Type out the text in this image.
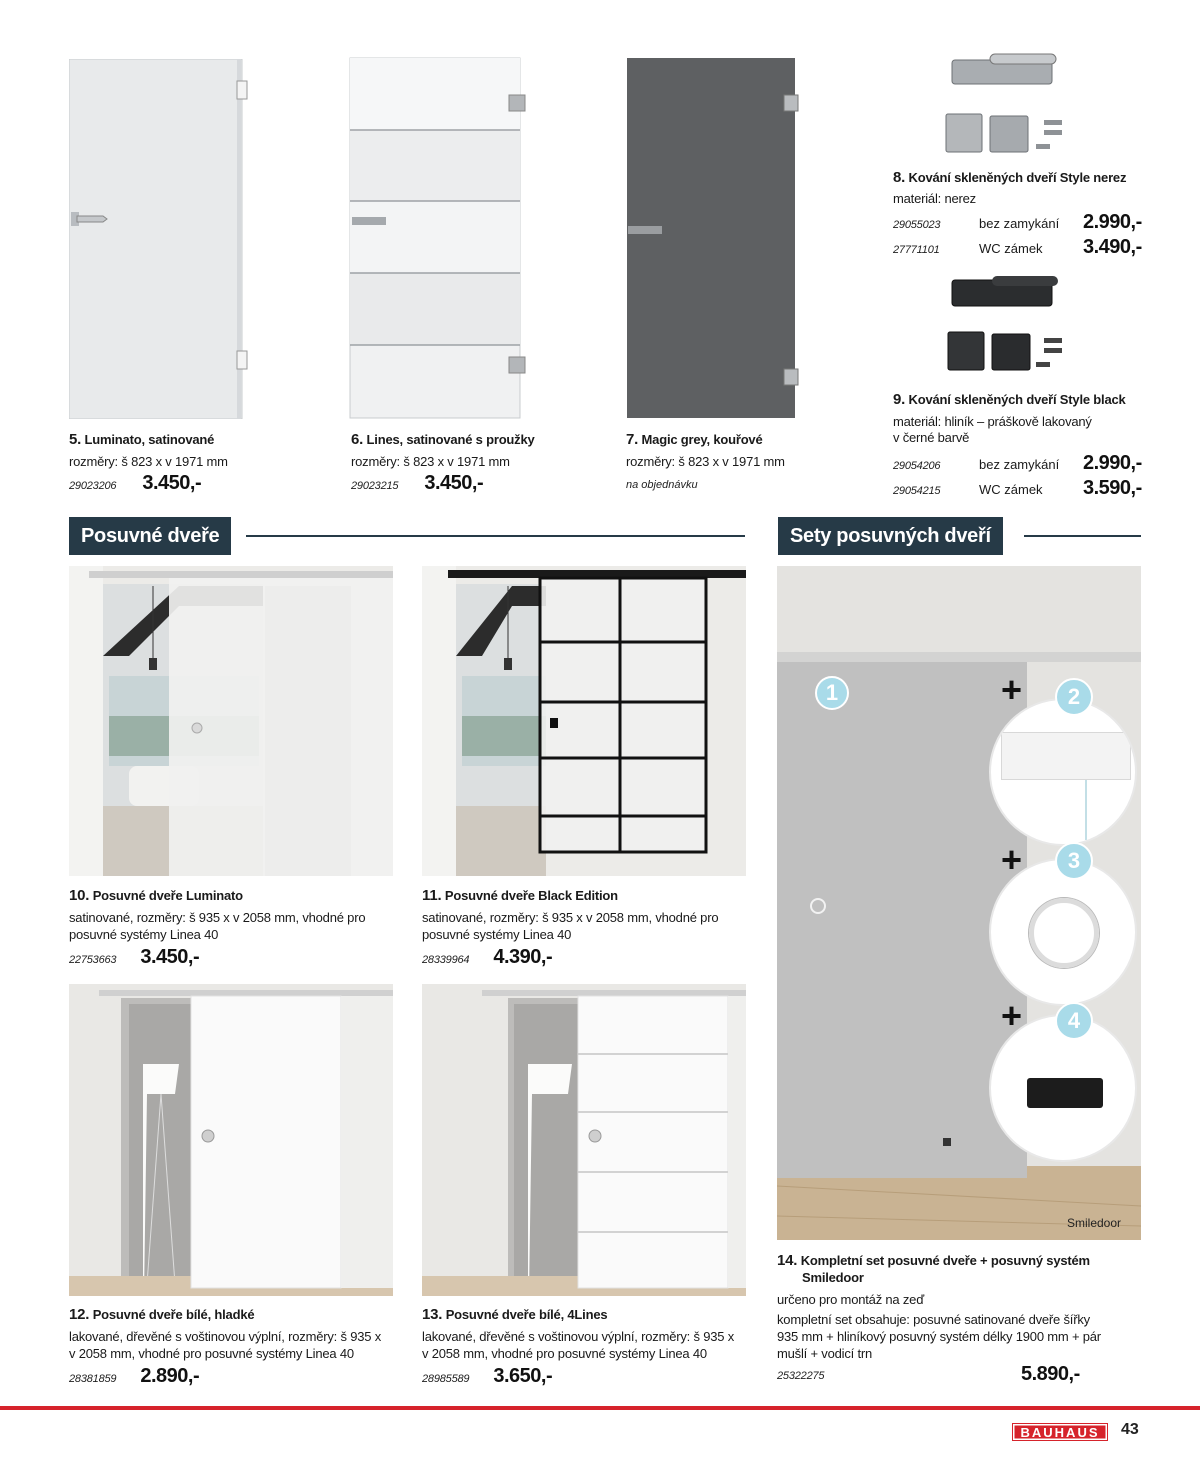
5. Luminato, satinované
rozměry: š 823 x v 1971 mm
29023206 3.450,-
6. Lines, satinované s proužky
rozměry: š 823 x v 1971 mm
29023215 3.450,-
7. Magic grey, kouřové
rozměry: š 823 x v 1971 mm
na objednávku
8. Kování skleněných dveří Style nerez
materiál: nerez
29055023	bez zamykání	2.990,-
27771101	WC zámek	3.490,-
9. Kování skleněných dveří Style black
materiál: hliník – práškově lakovaný
v černé barvě
29054206	bez zamykání	2.990,-
29054215	WC zámek	3.590,-
Posuvné dveře	Sety posuvných dveří
10. Posuvné dveře Luminato
satinované, rozměry: š 935 x v 2058 mm, vhodné pro
posuvné systémy Linea 40
22753663 3.450,-
11. Posuvné dveře Black Edition
satinované, rozměry: š 935 x v 2058 mm, vhodné pro
posuvné systémy Linea 40
28339964 4.390,-
12. Posuvné dveře bílé, hladké
lakované, dřevěné s voštinovou výplní, rozměry: š 935 x
v 2058 mm, vhodné pro posuvné systémy Linea 40
28381859 2.890,-
13. Posuvné dveře bílé, 4Lines
lakované, dřevěné s voštinovou výplní, rozměry: š 935 x
v 2058 mm, vhodné pro posuvné systémy Linea 40
28985589 3.650,-
1	+	2
+	3
+	4
Smiledoor
14. Kompletní set posuvné dveře + posuvný systém
Smiledoor
určeno pro montáž na zeď
kompletní set obsahuje: posuvné satinované dveře šířky
935 mm + hliníkový posuvný systém délky 1900 mm + pár
mušlí + vodicí trn
25322275	5.890,-
BAUHAUS	43
